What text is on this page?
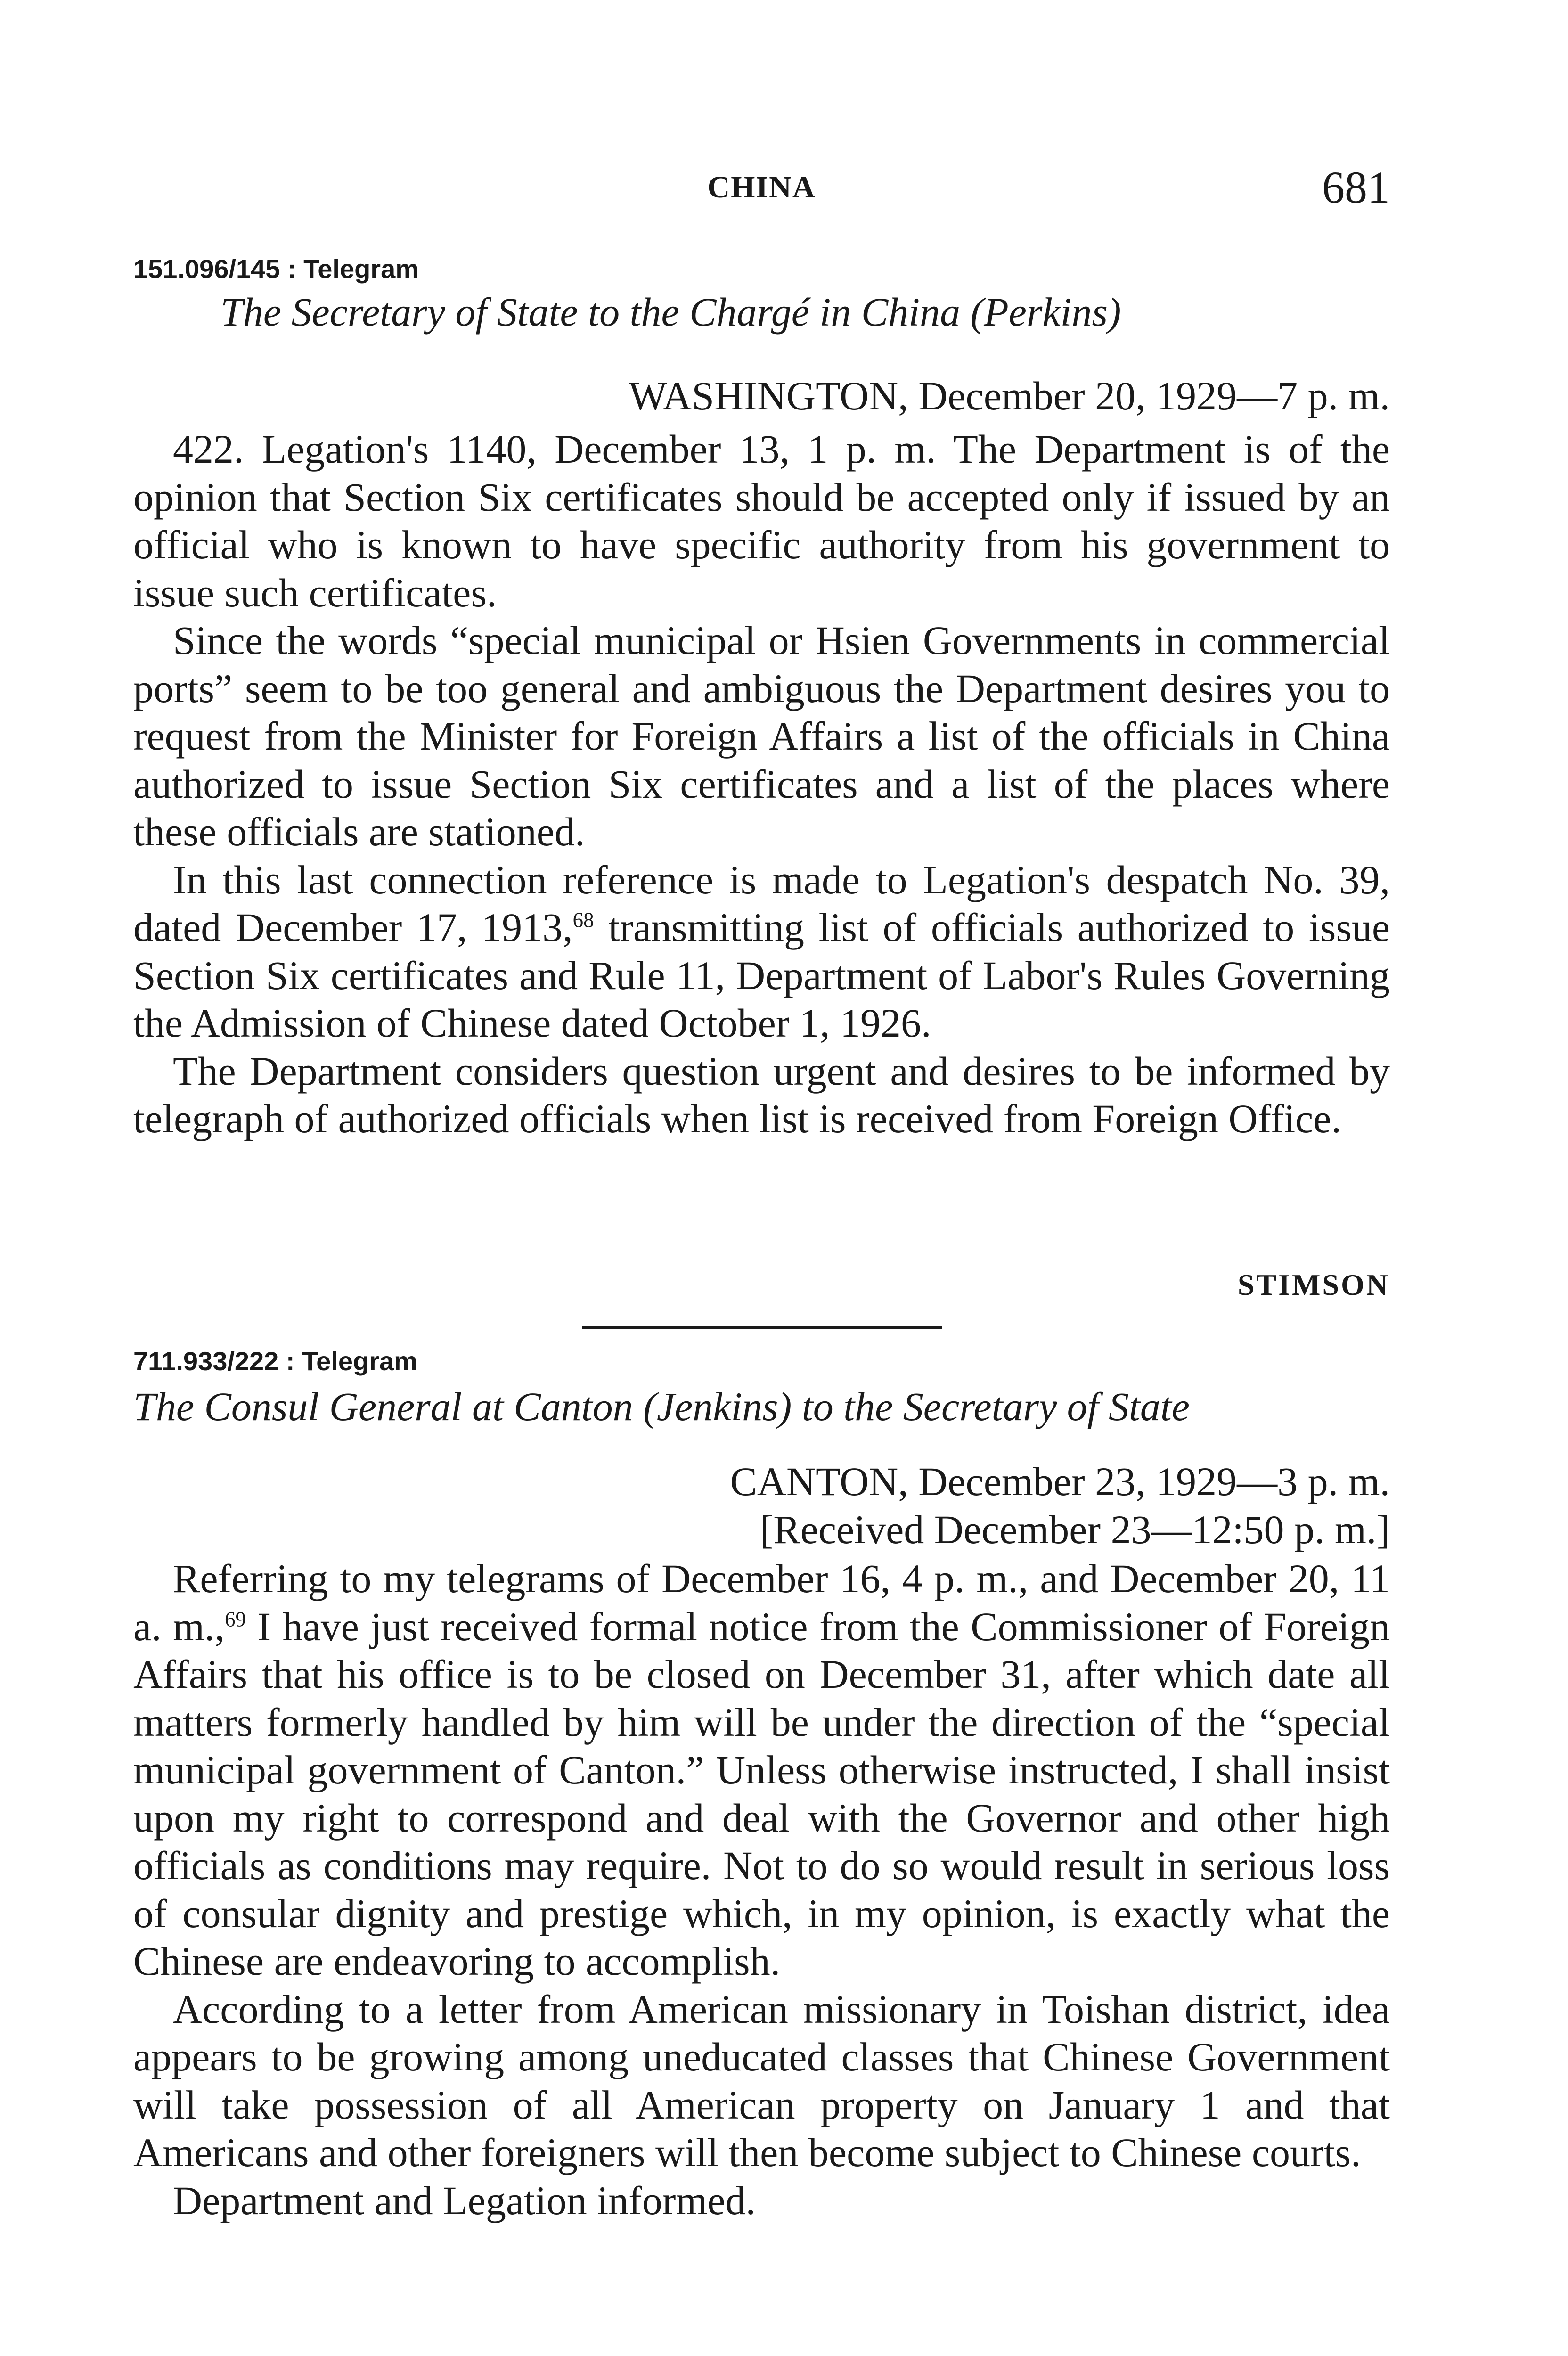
CHINA	681
151.096/145 : Telegram
The Secretary of State to the Chargé in China (Perkins)
WASHINGTON, December 20, 1929—7 p. m.

422. Legation's 1140, December 13, 1 p. m. The Department is of the opinion that Section Six certificates should be accepted only if issued by an official who is known to have specific authority from his government to issue such certificates.

Since the words “special municipal or Hsien Governments in commercial ports” seem to be too general and ambiguous the Department desires you to request from the Minister for Foreign Affairs a list of the officials in China authorized to issue Section Six certificates and a list of the places where these officials are stationed.

In this last connection reference is made to Legation's despatch No. 39, dated December 17, 1913,68 transmitting list of officials authorized to issue Section Six certificates and Rule 11, Department of Labor's Rules Governing the Admission of Chinese dated October 1, 1926.

The Department considers question urgent and desires to be informed by telegraph of authorized officials when list is received from Foreign Office.

STIMSON
711.933/222 : Telegram
The Consul General at Canton (Jenkins) to the Secretary of State
CANTON, December 23, 1929—3 p. m.
[Received December 23—12:50 p. m.]

Referring to my telegrams of December 16, 4 p. m., and December 20, 11 a. m.,$^{69}$ I have just received formal notice from the Commissioner of Foreign Affairs that his office is to be closed on December 31, after which date all matters formerly handled by him will be under the direction of the “special municipal government of Canton.” Unless otherwise instructed, I shall insist upon my right to correspond and deal with the Governor and other high officials as conditions may require. Not to do so would result in serious loss of consular dignity and prestige which, in my opinion, is exactly what the Chinese are endeavoring to accomplish.

According to a letter from American missionary in Toishan district, idea appears to be growing among uneducated classes that Chinese Government will take possession of all American property on January 1 and that Americans and other foreigners will then become subject to Chinese courts.

Department and Legation informed.
